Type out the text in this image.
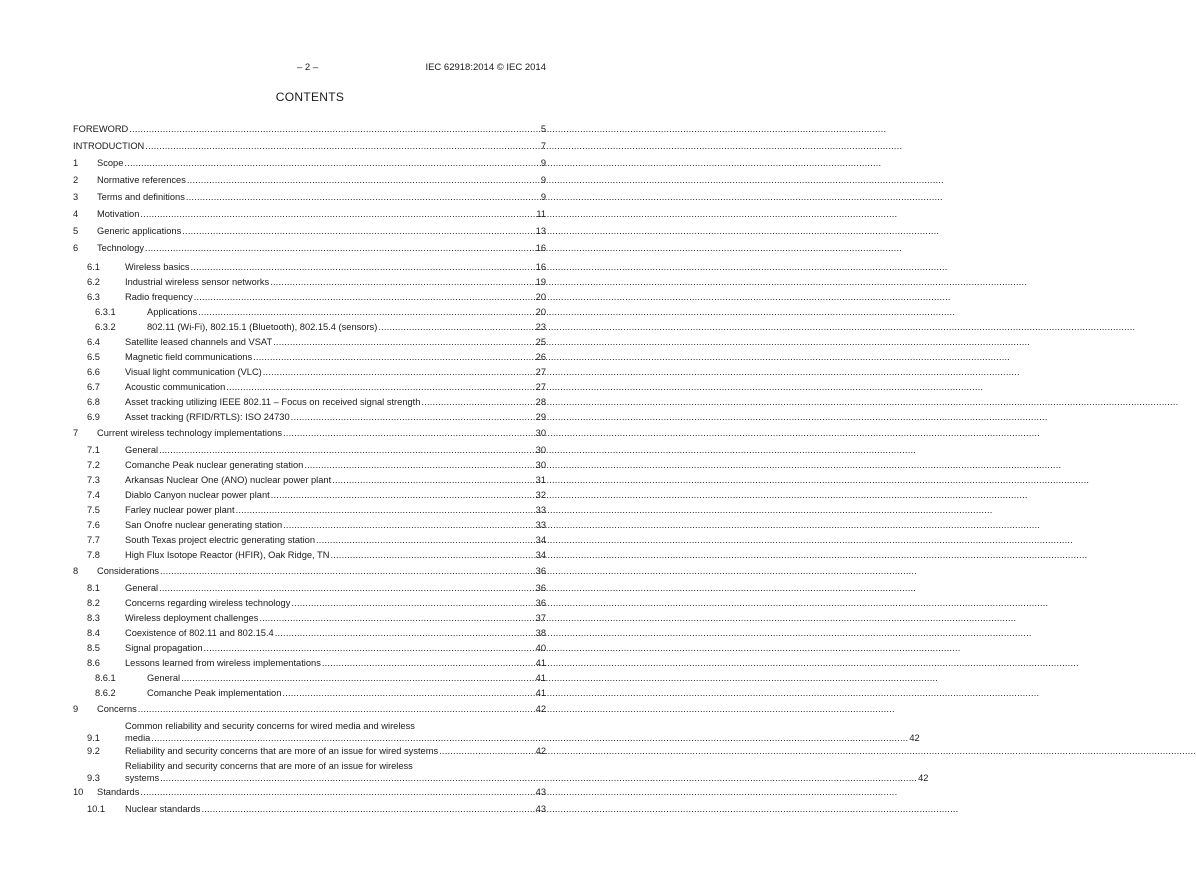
– 2 –	IEC 62918:2014 © IEC 2014
CONTENTS
FOREWORD .....	5
INTRODUCTION .....	7
1	Scope .....	9
2	Normative references .....	9
3	Terms and definitions .....	9
4	Motivation .....	11
5	Generic applications .....	13
6	Technology .....	16
6.1	Wireless basics .....	16
6.2	Industrial wireless sensor networks .....	19
6.3	Radio frequency .....	20
6.3.1	Applications .....	20
6.3.2	802.11 (Wi-Fi), 802.15.1 (Bluetooth), 802.15.4 (sensors) .....	23
6.4	Satellite leased channels and VSAT .....	25
6.5	Magnetic field communications .....	26
6.6	Visual light communication (VLC) .....	27
6.7	Acoustic communication .....	27
6.8	Asset tracking utilizing IEEE 802.11 – Focus on received signal strength .....	28
6.9	Asset tracking (RFID/RTLS): ISO 24730 .....	29
7	Current wireless technology implementations .....	30
7.1	General .....	30
7.2	Comanche Peak nuclear generating station .....	30
7.3	Arkansas Nuclear One (ANO) nuclear power plant .....	31
7.4	Diablo Canyon nuclear power plant .....	32
7.5	Farley nuclear power plant .....	33
7.6	San Onofre nuclear generating station .....	33
7.7	South Texas project electric generating station .....	34
7.8	High Flux Isotope Reactor (HFIR), Oak Ridge, TN .....	34
8	Considerations .....	36
8.1	General .....	36
8.2	Concerns regarding wireless technology .....	36
8.3	Wireless deployment challenges .....	37
8.4	Coexistence of 802.11 and 802.15.4 .....	38
8.5	Signal propagation .....	40
8.6	Lessons learned from wireless implementations .....	41
8.6.1	General .....	41
8.6.2	Comanche Peak implementation .....	41
9	Concerns .....	42
9.1
Common reliability and security concerns for wired media and wireless
media .....	42
9.2	Reliability and security concerns that are more of an issue for wired systems .....	42
9.3
Reliability and security concerns that are more of an issue for wireless
systems .....	42
10	Standards .....	43
10.1	Nuclear standards .....	43
